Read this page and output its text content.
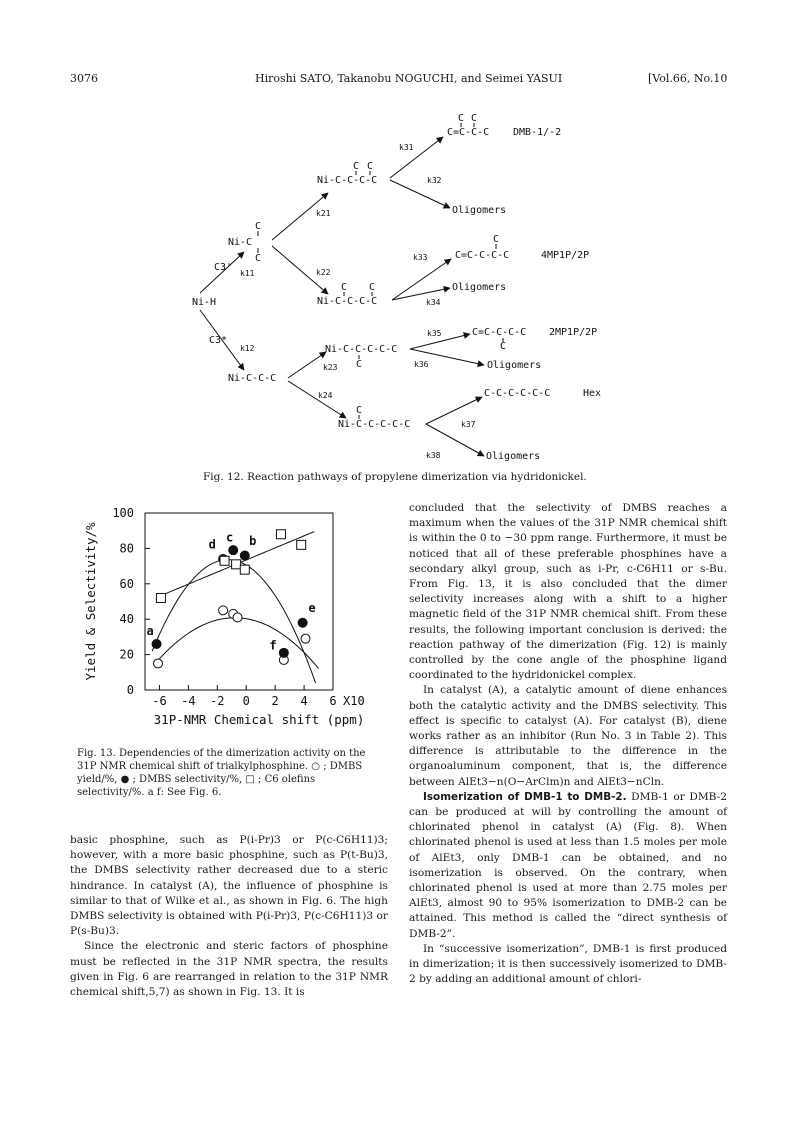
3076	Hiroshi SATO, Takanobu NOGUCHI, and Seimei YASUI	[Vol.66, No.10
Ni-H
C3'
C3*
k11
k12
C
Ni-C
C
Ni-C-C-C
k21
k22
k23
k24
C C
Ni-C-C-C-C
C C
Ni-C-C-C-C
Ni-C-C-C-C-C
C
C
Ni-C-C-C-C-C
k31
k32
k33
k34
k35
k36
k37
k38
C C
C=C-C-C DMB-1/-2
Oligomers
C
C=C-C-C-C	4MP1P/2P
Oligomers
C=C-C-C-C
C
2MP1P/2P
Oligomers
C-C-C-C-C-C	Hex
Oligomers
Fig. 12. Reaction pathways of propylene dimerization via hydridonickel.
-6 -4 -2 0 2 4 6
0
20
40
60
80
100
X10
31P-NMR Chemical shift (ppm)
Yield & Selectivity/%	a
d
c b
f
e
Fig. 13. Dependencies of the dimerization activity on the 31P NMR chemical shift of trialkylphosphine. ○ ; DMBS yield/%, ● ; DMBS selectivity/%, □ ; C6 olefins selectivity/%. a f: See Fig. 6.

basic phosphine, such as P(i-Pr)3 or P(c-C6H11)3; however, with a more basic phosphine, such as P(t-Bu)3, the DMBS selectivity rather decreased due to a steric hindrance. In catalyst (A), the influence of phosphine is similar to that of Wilke et al., as shown in Fig. 6. The high DMBS selectivity is obtained with P(i-Pr)3, P(c-C6H11)3 or P(s-Bu)3.

Since the electronic and steric factors of phosphine must be reflected in the 31P NMR spectra, the results given in Fig. 6 are rearranged in relation to the 31P NMR chemical shift,5,7) as shown in Fig. 13. It is

concluded that the selectivity of DMBS reaches a maximum when the values of the 31P NMR chemical shift is within the 0 to −30 ppm range. Furthermore, it must be noticed that all of these preferable phosphines have a secondary alkyl group, such as i-Pr, c-C6H11 or s-Bu. From Fig. 13, it is also concluded that the dimer selectivity increases along with a shift to a higher magnetic field of the 31P NMR chemical shift. From these results, the following important conclusion is derived: the reaction pathway of the dimerization (Fig. 12) is mainly controlled by the cone angle of the phosphine ligand coordinated to the hydridonickel complex.

In catalyst (A), a catalytic amount of diene enhances both the catalytic activity and the DMBS selectivity. This effect is specific to catalyst (A). For catalyst (B), diene works rather as an inhibitor (Run No. 3 in Table 2). This difference is attributable to the difference in the organoaluminum component, that is, the difference between AlEt3−n(O−ArClm)n and AlEt3−nCln.

Isomerization of DMB-1 to DMB-2. DMB-1 or DMB-2 can be produced at will by controlling the amount of chlorinated phenol in catalyst (A) (Fig. 8). When chlorinated phenol is used at less than 1.5 moles per mole of AlEt3, only DMB-1 can be obtained, and no isomerization is observed. On the contrary, when chlorinated phenol is used at more than 2.75 moles per AlEt3, almost 90 to 95% isomerization to DMB-2 can be attained. This method is called the “direct synthesis of DMB-2”.

In “successive isomerization”, DMB-1 is first produced in dimerization; it is then successively isomerized to DMB-2 by adding an additional amount of chlori-
